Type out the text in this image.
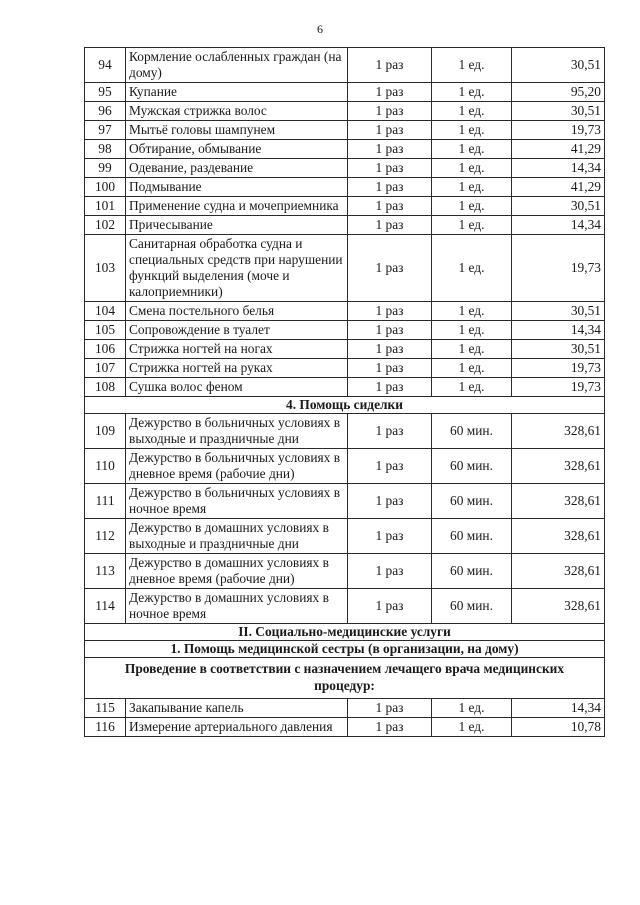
6
94	Кормление ослабленных граждан (на дому)	1 раз	1 ед.	30,51
95	Купание	1 раз	1 ед.	95,20
96	Мужская стрижка волос	1 раз	1 ед.	30,51
97	Мытьё головы шампунем	1 раз	1 ед.	19,73
98	Обтирание, обмывание	1 раз	1 ед.	41,29
99	Одевание, раздевание	1 раз	1 ед.	14,34
100	Подмывание	1 раз	1 ед.	41,29
101	Применение судна и мочеприемника	1 раз	1 ед.	30,51
102	Причесывание	1 раз	1 ед.	14,34
103	Санитарная обработка судна и специальных средств при нарушении функций выделения (моче и калоприемники)	1 раз	1 ед.	19,73
104	Смена постельного белья	1 раз	1 ед.	30,51
105	Сопровождение в туалет	1 раз	1 ед.	14,34
106	Стрижка ногтей на ногах	1 раз	1 ед.	30,51
107	Стрижка ногтей на руках	1 раз	1 ед.	19,73
108	Сушка волос феном	1 раз	1 ед.	19,73
4. Помощь сиделки				
109	Дежурство в больничных условиях в выходные и праздничные дни	1 раз	60 мин.	328,61
110	Дежурство в больничных условиях в дневное время (рабочие дни)	1 раз	60 мин.	328,61
111	Дежурство в больничных условиях в ночное время	1 раз	60 мин.	328,61
112	Дежурство в домашних условиях в выходные и праздничные дни	1 раз	60 мин.	328,61
113	Дежурство в домашних условиях в дневное время (рабочие дни)	1 раз	60 мин.	328,61
114	Дежурство в домашних условиях в ночное время	1 раз	60 мин.	328,61
II. Социально-медицинские услуги				
1. Помощь медицинской сестры (в организации, на дому)				
Проведение в соответствии с назначением лечащего врача медицинских процедур:				
115	Закапывание капель	1 раз	1 ед.	14,34
116	Измерение артериального давления	1 раз	1 ед.	10,78
